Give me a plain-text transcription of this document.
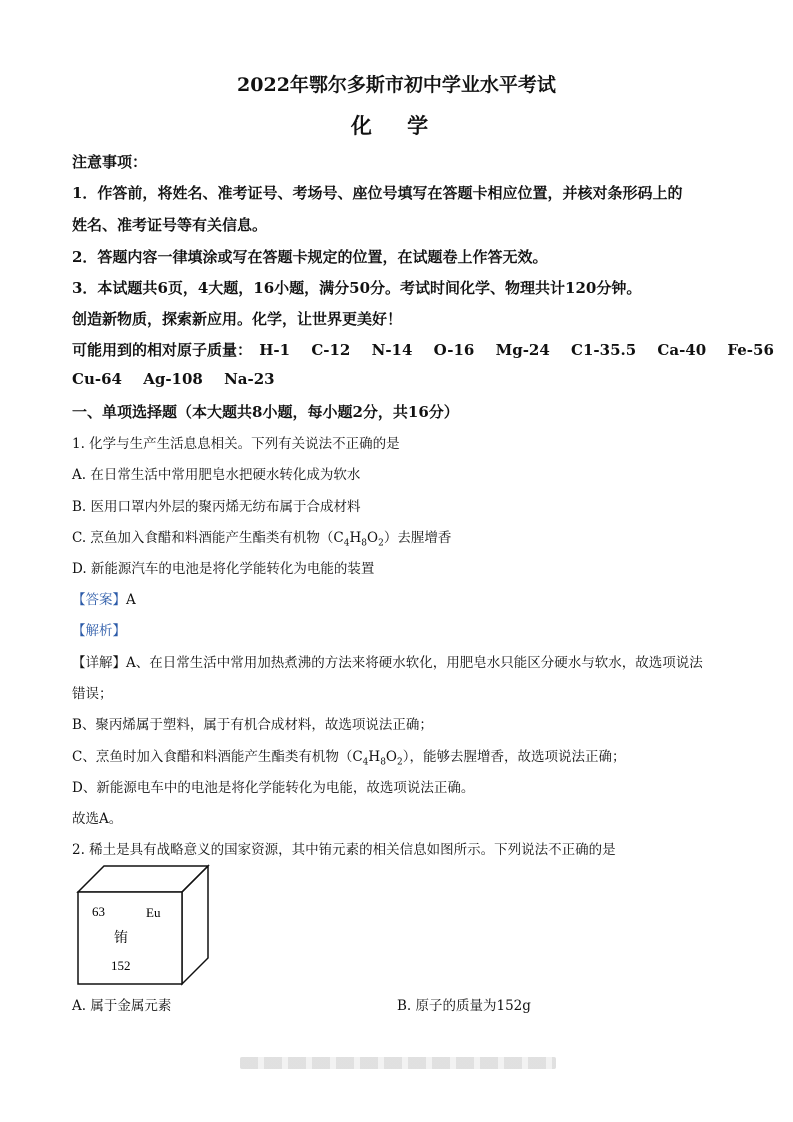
2022年鄂尔多斯市初中学业水平考试
化 学
注意事项：
1．作答前，将姓名、准考证号、考场号、座位号填写在答题卡相应位置，并核对条形码上的
姓名、准考证号等有关信息。
2．答题内容一律填涂或写在答题卡规定的位置，在试题卷上作答无效。
3．本试题共6页，4大题，16小题，满分50分。考试时间化学、物理共计120分钟。
创造新物质，探索新应用。化学，让世界更美好！
可能用到的相对原子质量： H-1 C-12 N-14 O-16 Mg-24 C1-35.5 Ca-40 Fe-56
Cu-64 Ag-108 Na-23
一、单项选择题（本大题共8小题，每小题2分，共16分）
1. 化学与生产生活息息相关。下列有关说法不正确的是
A. 在日常生活中常用肥皂水把硬水转化成为软水
B. 医用口罩内外层的聚丙烯无纺布属于合成材料
C. 烹鱼加入食醋和料酒能产生酯类有机物$(C_4H_8O_2)$去腥增香
D. 新能源汽车的电池是将化学能转化为电能的装置
【答案】A
【解析】
【详解】A、在日常生活中常用加热煮沸的方法来将硬水软化，用肥皂水只能区分硬水与软水，故选项说法
错误；
B、聚丙烯属于塑料，属于有机合成材料，故选项说法正确；
C、烹鱼时加入食醋和料酒能产生酯类有机物$(C_4H_8O_2)$，能够去腥增香，故选项说法正确；
D、新能源电车中的电池是将化学能转化为电能，故选项说法正确。
故选A。
2. 稀土是具有战略意义的国家资源，其中铕元素的相关信息如图所示。下列说法不正确的是
63	Eu
铕
152
A. 属于金属元素	B. 原子的质量为152g
